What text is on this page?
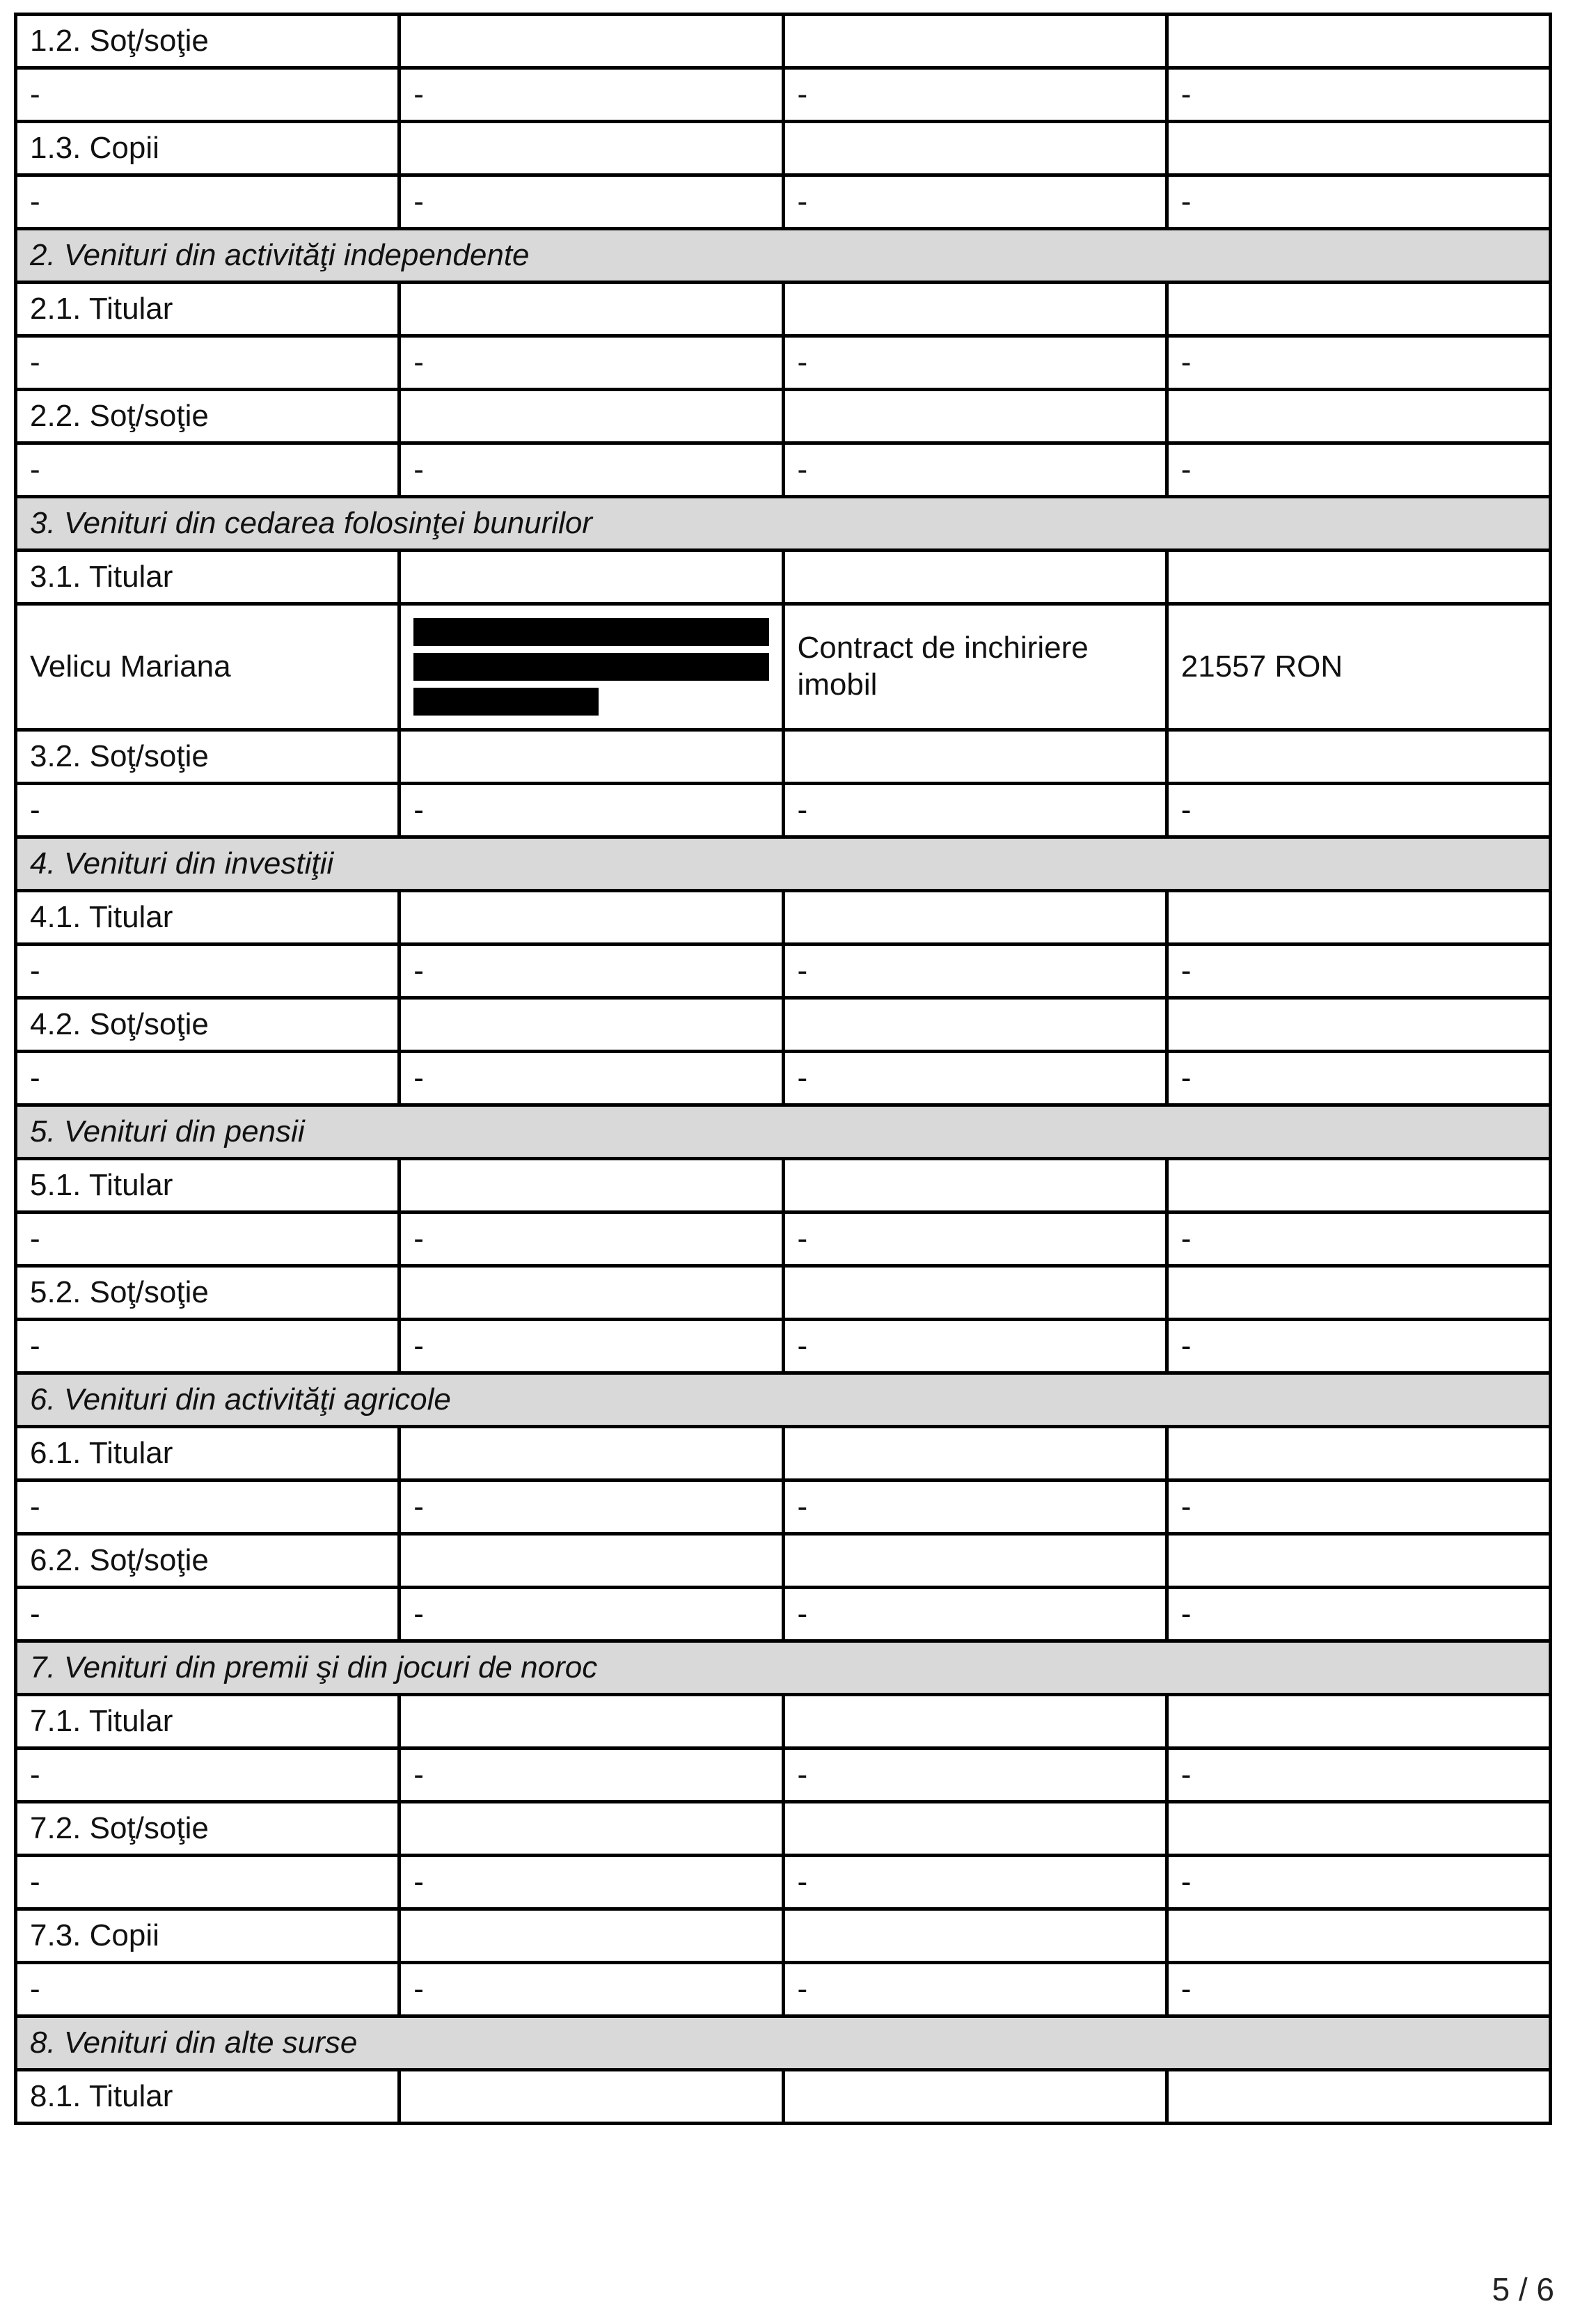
1.2. Soţ/soţie			
-	-	-	-
1.3. Copii			
-	-	-	-
2. Venituri din activităţi independente			
2.1. Titular			
-	-	-	-
2.2. Soţ/soţie			
-	-	-	-
3. Venituri din cedarea folosinţei bunurilor			
3.1. Titular			
Velicu Mariana		Contract de inchiriere imobil	21557 RON
3.2. Soţ/soţie			
-	-	-	-
4. Venituri din investiţii			
4.1. Titular			
-	-	-	-
4.2. Soţ/soţie			
-	-	-	-
5. Venituri din pensii			
5.1. Titular			
-	-	-	-
5.2. Soţ/soţie			
-	-	-	-
6. Venituri din activităţi agricole			
6.1. Titular			
-	-	-	-
6.2. Soţ/soţie			
-	-	-	-
7. Venituri din premii şi din jocuri de noroc			
7.1. Titular			
-	-	-	-
7.2. Soţ/soţie			
-	-	-	-
7.3. Copii			
-	-	-	-
8. Venituri din alte surse			
8.1. Titular			
5 / 6
